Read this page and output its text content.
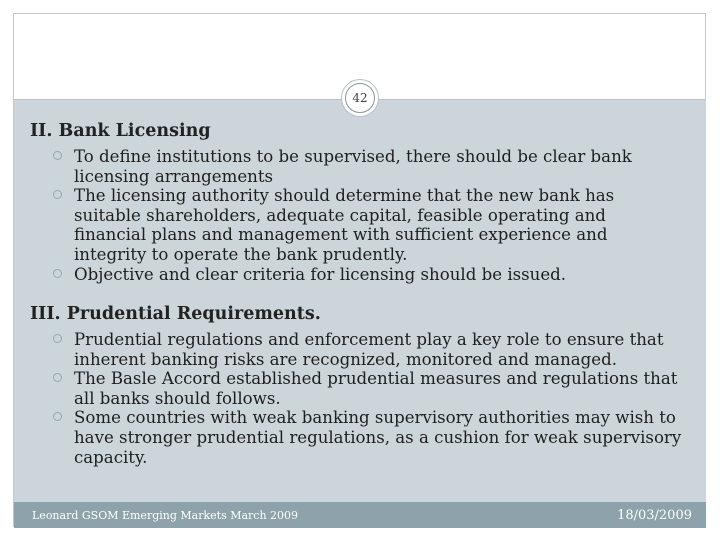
42
II. Bank Licensing
To define institutions to be supervised, there should be clear bank licensing arrangements
The licensing authority should determine that the new bank has suitable shareholders, adequate capital, feasible operating and financial plans and management with sufficient experience and integrity to operate the bank prudently.
Objective and clear criteria for licensing should be issued.
III. Prudential Requirements.
Prudential regulations and enforcement play a key role to ensure that inherent banking risks are recognized, monitored and managed.
The Basle Accord established prudential measures and regulations that all banks should follows.
Some countries with weak banking supervisory authorities may wish to have stronger prudential regulations, as a cushion for weak supervisory capacity.
Leonard GSOM Emerging Markets March 2009	18/03/2009
